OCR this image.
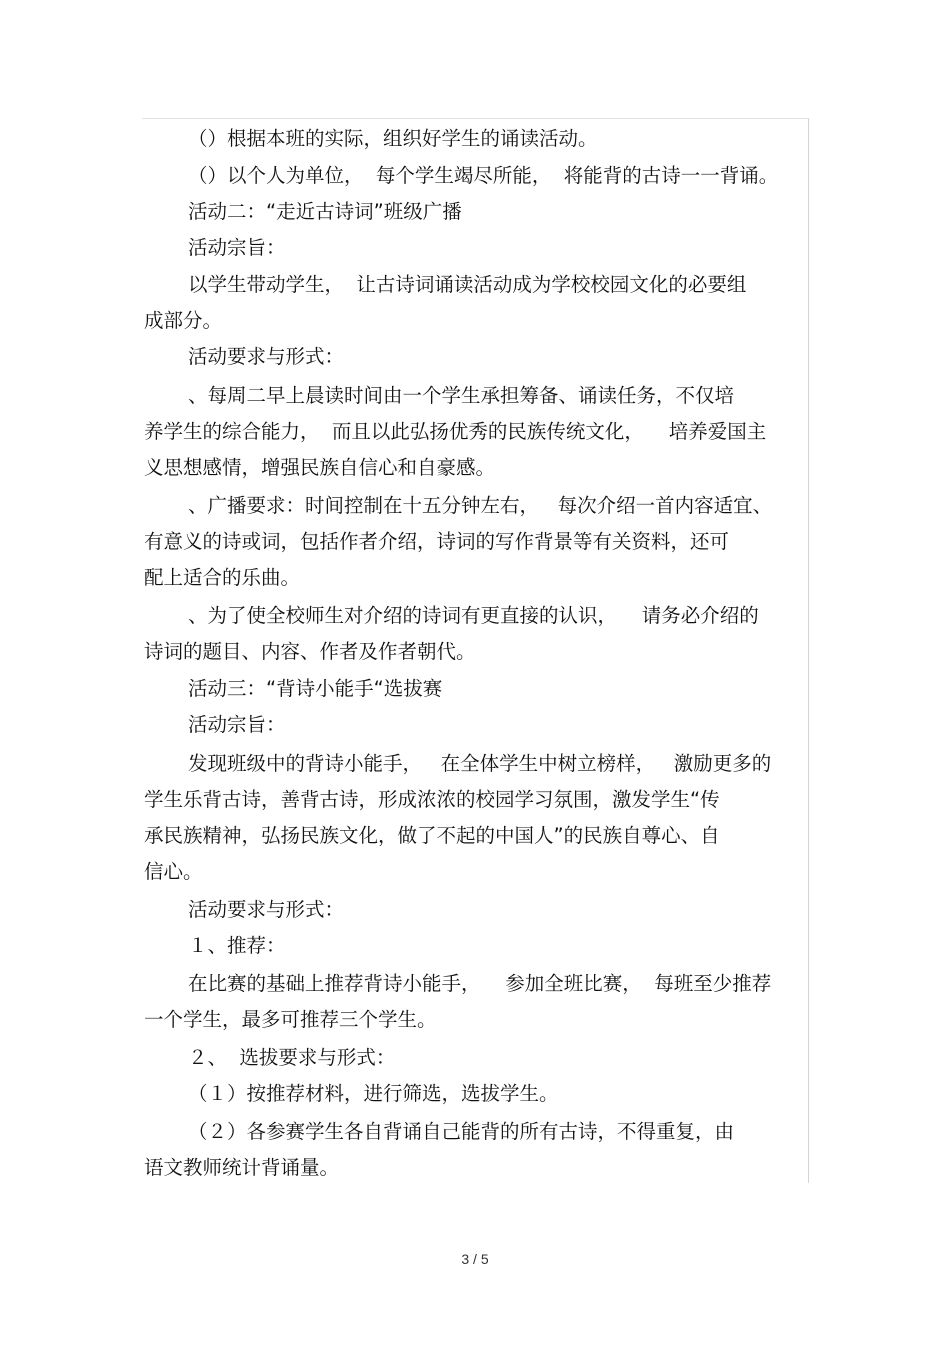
（）根据本班的实际，组织好学生的诵读活动。
（）以个人为单位，  每个学生竭尽所能，  将能背的古诗一一背诵。
活动二：“走近古诗词”班级广播
活动宗旨：
以学生带动学生，  让古诗词诵读活动成为学校校园文化的必要组
成部分。
活动要求与形式：
、每周二早上晨读时间由一个学生承担筹备、诵读任务，不仅培
养学生的综合能力，  而且以此弘扬优秀的民族传统文化，    培养爱国主
义思想感情，增强民族自信心和自豪感。
、广播要求：时间控制在十五分钟左右，   每次介绍一首内容适宜、
有意义的诗或词，包括作者介绍，诗词的写作背景等有关资料，还可
配上适合的乐曲。
、为了使全校师生对介绍的诗词有更直接的认识，    请务必介绍的
诗词的题目、内容、作者及作者朝代。
活动三：“背诗小能手“选拔赛
活动宗旨：
发现班级中的背诗小能手，   在全体学生中树立榜样，   激励更多的
学生乐背古诗，善背古诗，形成浓浓的校园学习氛围，激发学生“传
承民族精神，弘扬民族文化，做了不起的中国人”的民族自尊心、自
信心。
活动要求与形式：
１、推荐：
在比赛的基础上推荐背诗小能手，    参加全班比赛，  每班至少推荐
一个学生，最多可推荐三个学生。
２、  选拔要求与形式：
（１）按推荐材料，进行筛选，选拔学生。
（２）各参赛学生各自背诵自己能背的所有古诗，不得重复，由
语文教师统计背诵量。
3 / 5
